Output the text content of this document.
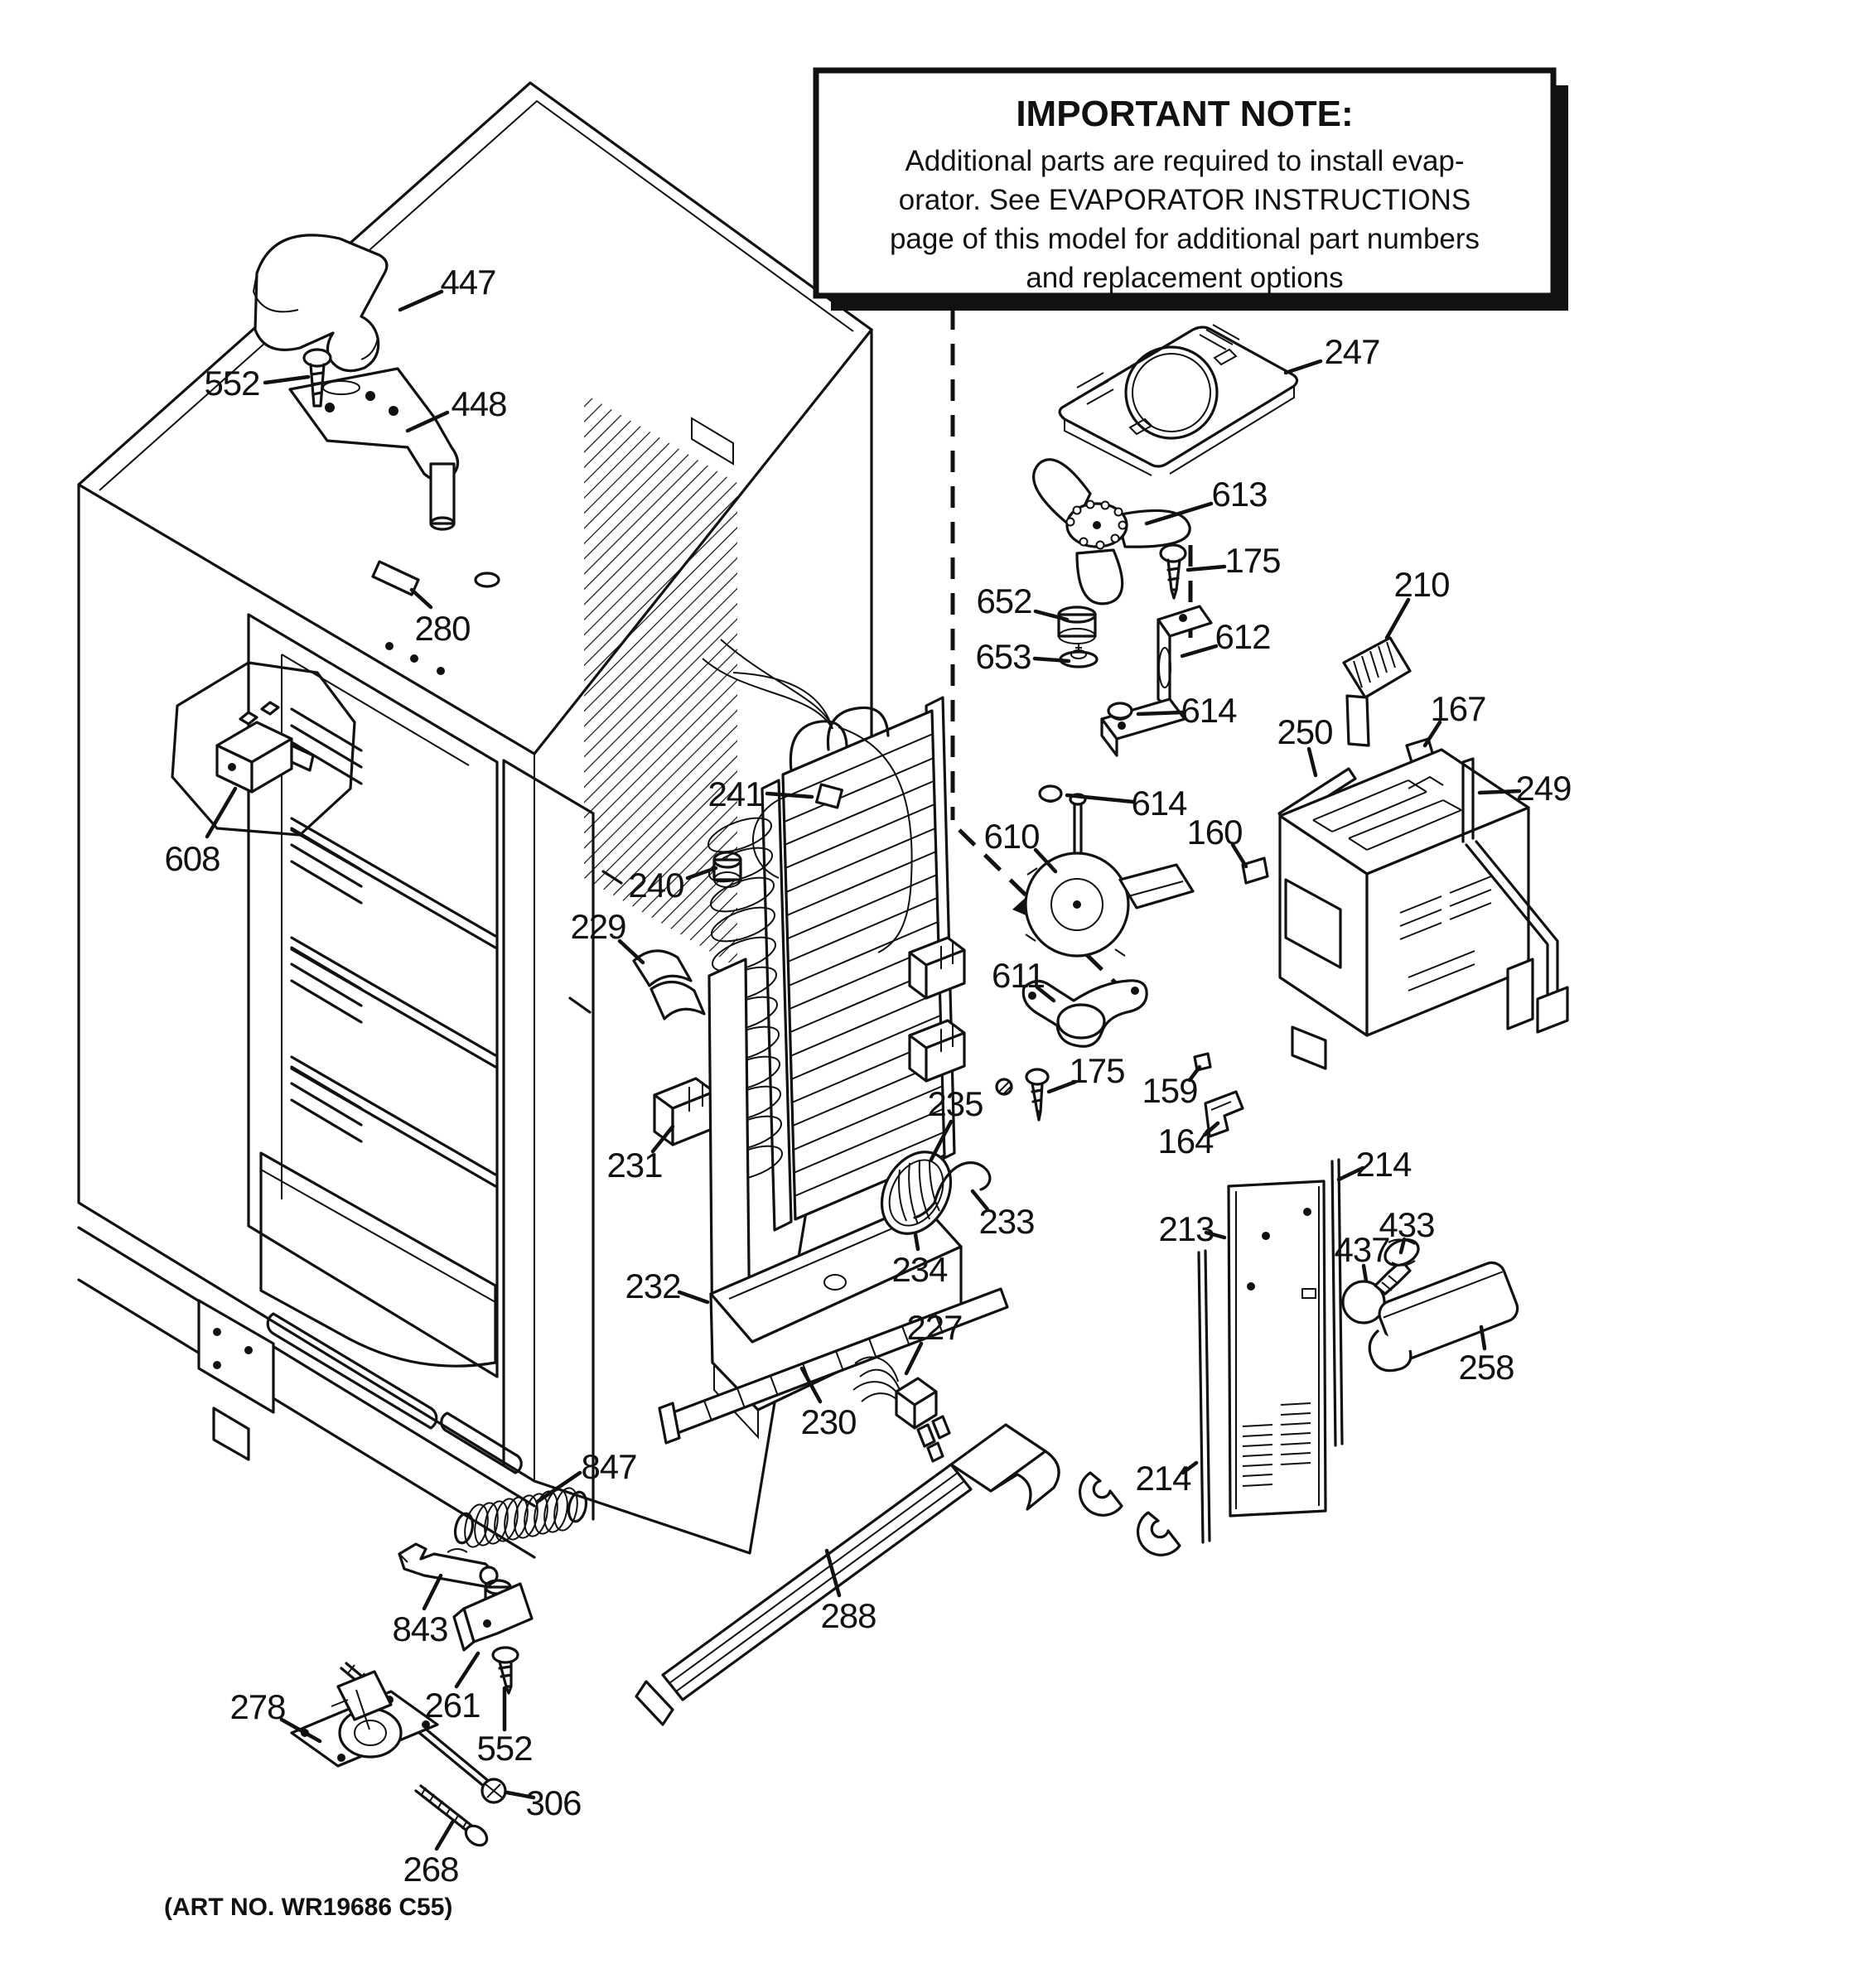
IMPORTANT NOTE:
Additional parts are required to install evap-
orator. See EVAPORATOR INSTRUCTIONS
page of this model for additional part numbers
and replacement options
(ART NO. WR19686 C55)
447
552
448
280
608
241
240
229
231
232
230
227
288
847
843
261
552
306
268
278
247
613
175
652
653
612
614
614
610
611
175
235
233
234
210
167
250
249
160
159
164
214
213
437
433
258
214
